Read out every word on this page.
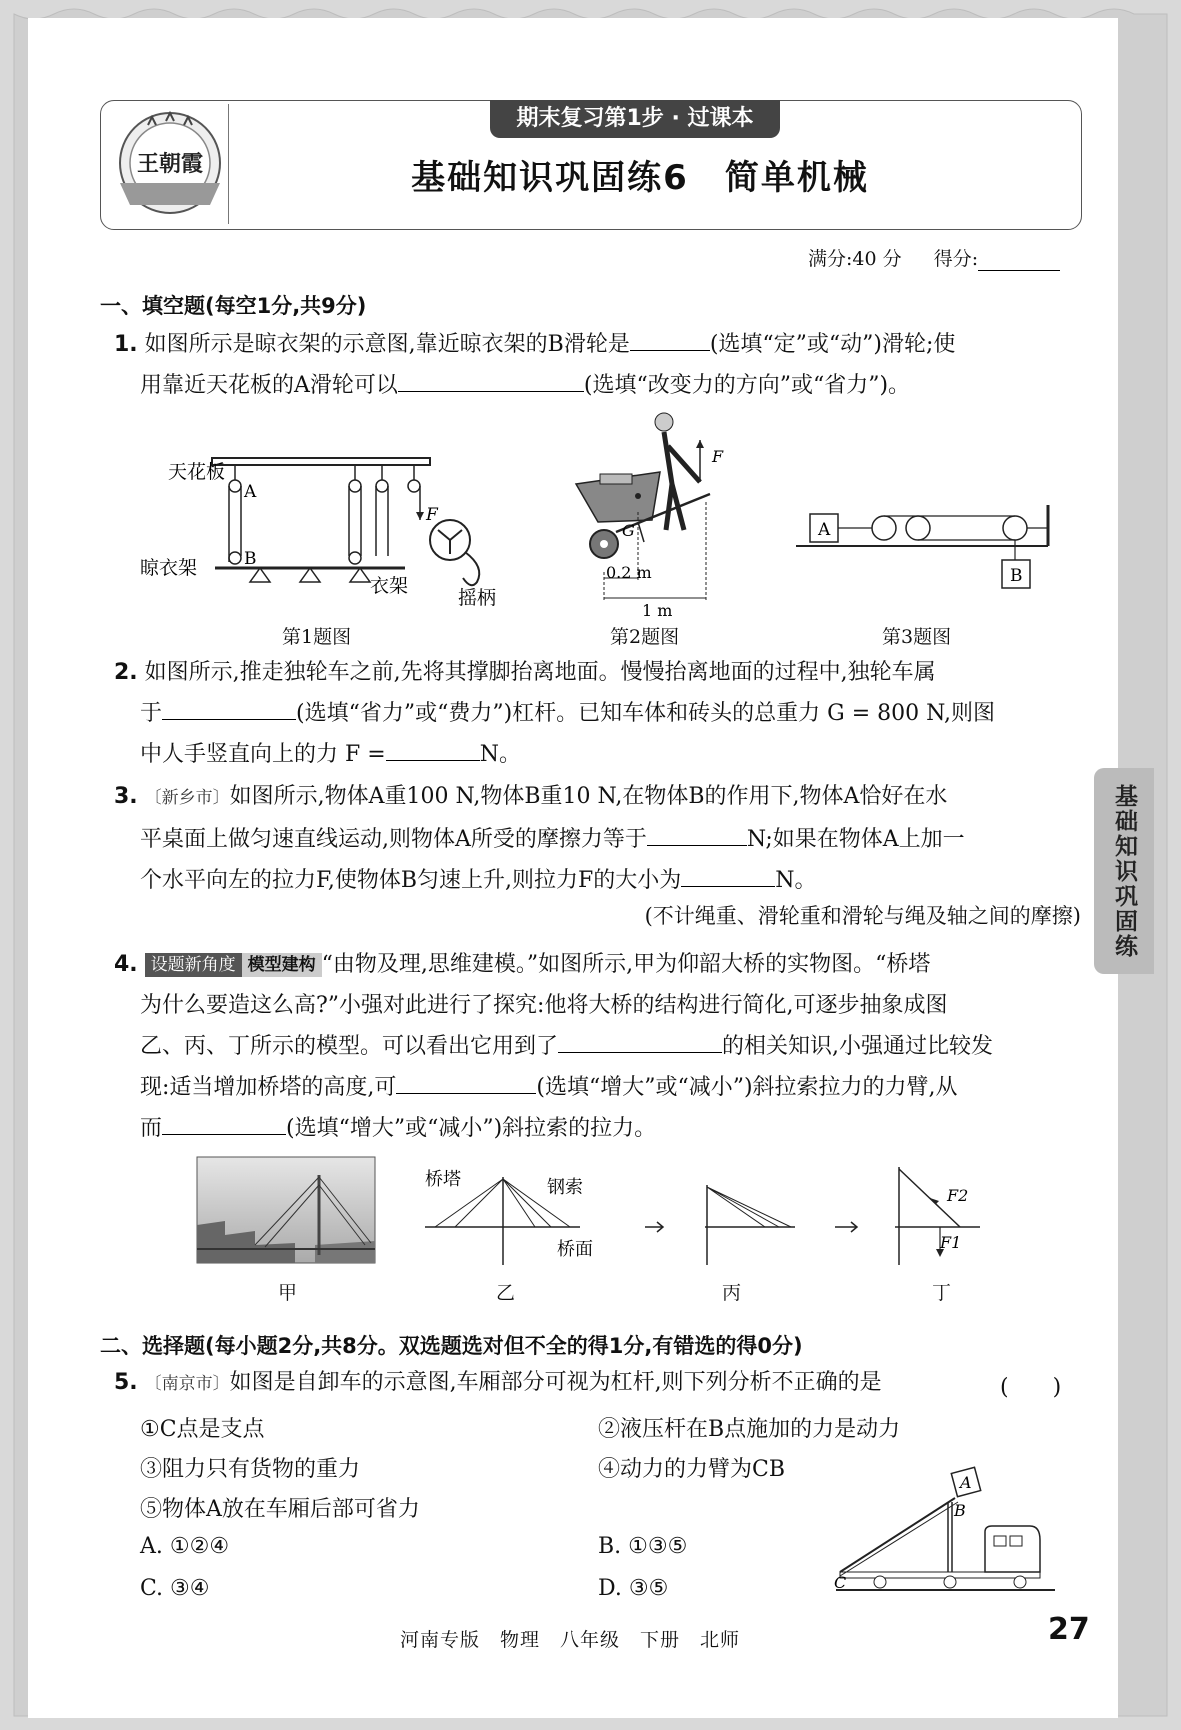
王朝霞
期末复习第1步 · 过课本
基础知识巩固练6　简单机械
满分:40 分 得分:
一、填空题(每空1分,共9分)
1. 如图所示是晾衣架的示意图,靠近晾衣架的B滑轮是	(选填“定”或“动”)滑轮;使
用靠近天花板的A滑轮可以	(选填“改变力的方向”或“省力”)。
天花板
A
B
F
晾衣架
衣架
摇柄
第1题图
G
F
0.2 m
1 m
第2题图
A
B
第3题图
2. 如图所示,推走独轮车之前,先将其撑脚抬离地面。慢慢抬离地面的过程中,独轮车属
于	(选填“省力”或“费力”)杠杆。已知车体和砖头的总重力 G = 800 N,则图
中人手竖直向上的力 F =	N。
3. 〔新乡市〕如图所示,物体A重100 N,物体B重10 N,在物体B的作用下,物体A恰好在水
平桌面上做匀速直线运动,则物体A所受的摩擦力等于	N;如果在物体A上加一
个水平向左的拉力F,使物体B匀速上升,则拉力F的大小为	N。
(不计绳重、滑轮重和滑轮与绳及轴之间的摩擦)
4. 设题新角度 模型建构 “由物及理,思维建模。”如图所示,甲为仰韶大桥的实物图。“桥塔
为什么要造这么高?”小强对此进行了探究:他将大桥的结构进行简化,可逐步抽象成图
乙、丙、丁所示的模型。可以看出它用到了	的相关知识,小强通过比较发
现:适当增加桥塔的高度,可	(选填“增大”或“减小”)斜拉索拉力的力臂,从
而	(选填“增大”或“减小”)斜拉索的拉力。
桥塔	钢索
桥面
F2
F1
甲	乙	丙	丁
二、选择题(每小题2分,共8分。双选题选对但不全的得1分,有错选的得0分)
5. 〔南京市〕如图是自卸车的示意图,车厢部分可视为杠杆,则下列分析不正确的是	(　　)
①C点是支点	②液压杆在B点施加的力是动力
③阻力只有货物的重力	④动力的力臂为CB
⑤物体A放在车厢后部可省力
A. ①②④	B. ①③⑤
C. ③④	D. ③⑤
A
B
C
基础知识巩固练
河南专版　物理　八年级　下册　北师	27
